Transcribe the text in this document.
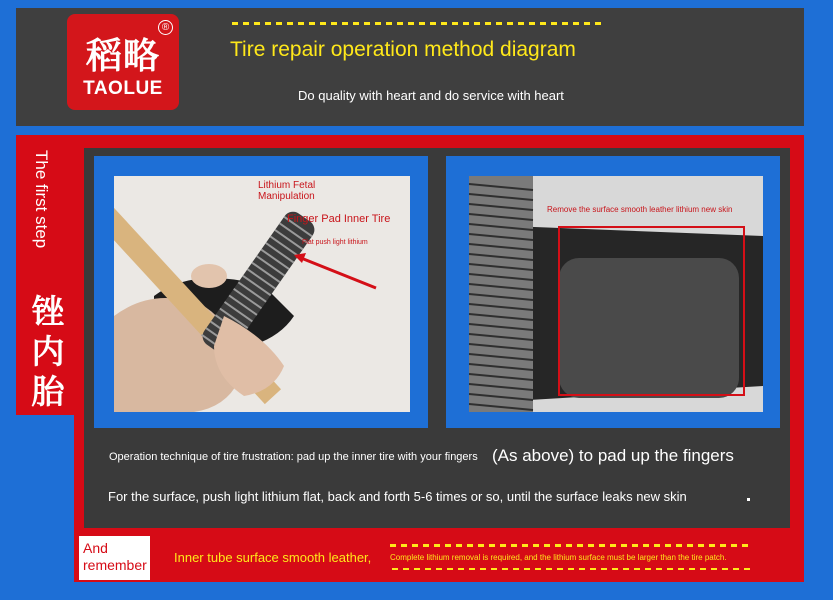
稻略
®
TAOLUE
Tire repair operation method diagram
Do quality with heart and do service with heart
The first step
锉内胎
Lithium Fetal Manipulation
Finger Pad Inner Tire
Flat push light lithium
Remove the surface smooth leather lithium new skin
Operation technique of tire frustration: pad up the inner tire with your fingers (As above) to pad up the fingers
For the surface, push light lithium flat, back and forth 5-6 times or so, until the surface leaks new skin
And remember Inner tube surface smooth leather, Complete lithium removal is required, and the lithium surface must be larger than the tire patch.
